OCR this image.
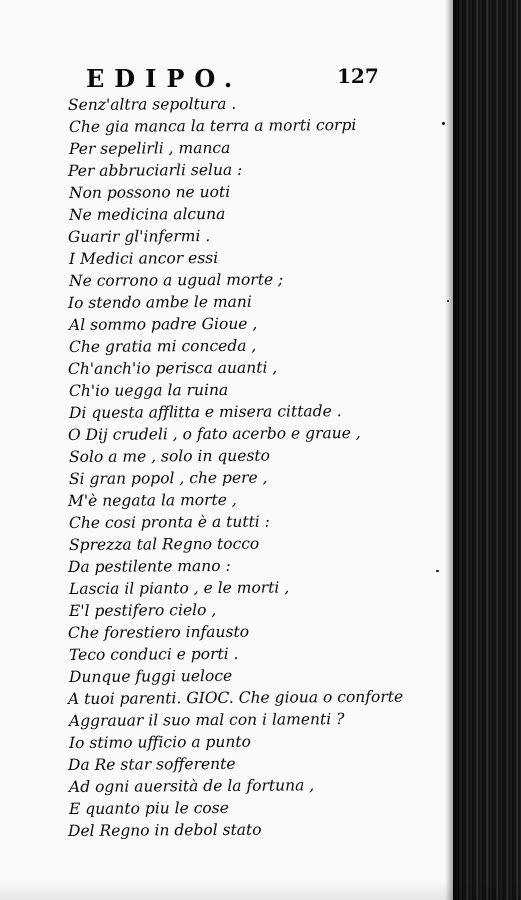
EDIPO.	127
Senz'altra sepoltura .
Che gia manca la terra a morti corpi
Per sepelirli , manca
Per abbruciarli selua :
Non possono ne uoti
Ne medicina alcuna
Guarir gl'infermi .
I Medici ancor essi
Ne corrono a ugual morte ;
Io stendo ambe le mani
Al sommo padre Gioue ,
Che gratia mi conceda ,
Ch'anch'io perisca auanti ,
Ch'io uegga la ruina
Di questa afflitta e misera cittade .
O Dij crudeli , o fato acerbo e graue ,
Solo a me , solo in questo
Si gran popol , che pere ,
M'è negata la morte ,
Che cosi pronta è a tutti :
Sprezza tal Regno tocco
Da pestilente mano :
Lascia il pianto , e le morti ,
E'l pestifero cielo ,
Che forestiero infausto
Teco conduci e porti .
Dunque fuggi ueloce
A tuoi parenti. GIOC. Che gioua o conforte
Aggrauar il suo mal con i lamenti ?
Io stimo ufficio a punto
Da Re star sofferente
Ad ogni auersità de la fortuna ,
E quanto piu le cose
Del Regno in debol stato
